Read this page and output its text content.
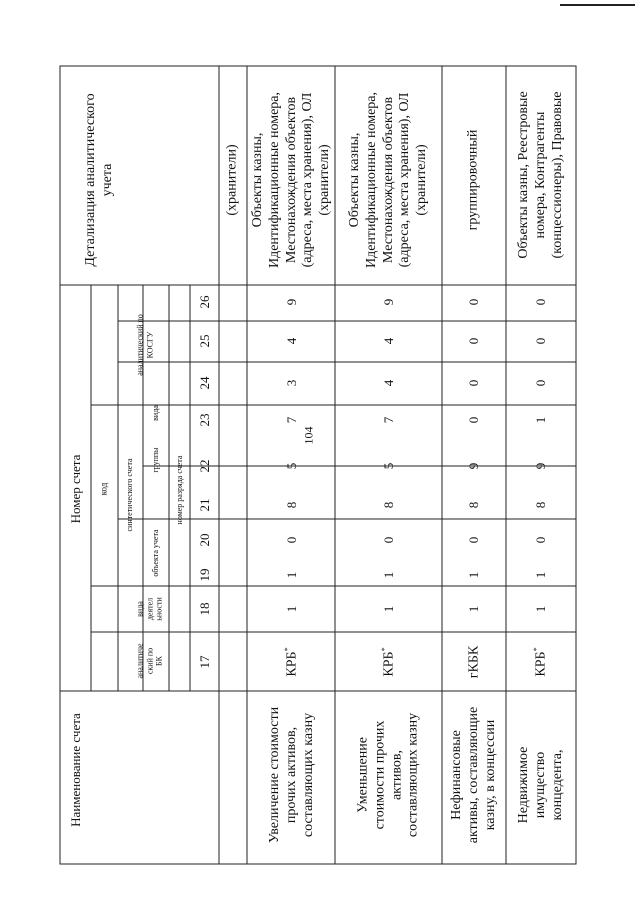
104
Наименование счета
Номер счета код
аналитиче ский по БК
вида деятел ьности
синтетического счета
аналитический по КОСГУ
объекта учета
группы
вида
номер разряда счета
Детализация аналитического учета
17
18
19
20
21
22
23
24
25
26
(хранители)
Увеличение стоимости прочих активов, составляющих казну
КРБ*
1
1
0
8
5
7
3
4
9
Объекты казны, Идентификационные номера, Местонахождения объектов (адреса, места хранения), ОЛ (хранители)
Уменьшение стоимости прочих активов, составляющих казну
КРБ*
1
1
0
8
5
7
4
4
9
Объекты казны, Идентификационные номера, Местонахождения объектов (адреса, места хранения), ОЛ (хранители)
Нефинансовые активы, составляющие казну, в концессии
гКБК
1
1
0
8
9
0
0
0
0
группировочный
Недвижимое имущество концедента,
КРБ*
1
1
0
8
9
1
0
0
0
Объекты казны, Реестровые номера, Контрагенты (концессионеры), Правовые
